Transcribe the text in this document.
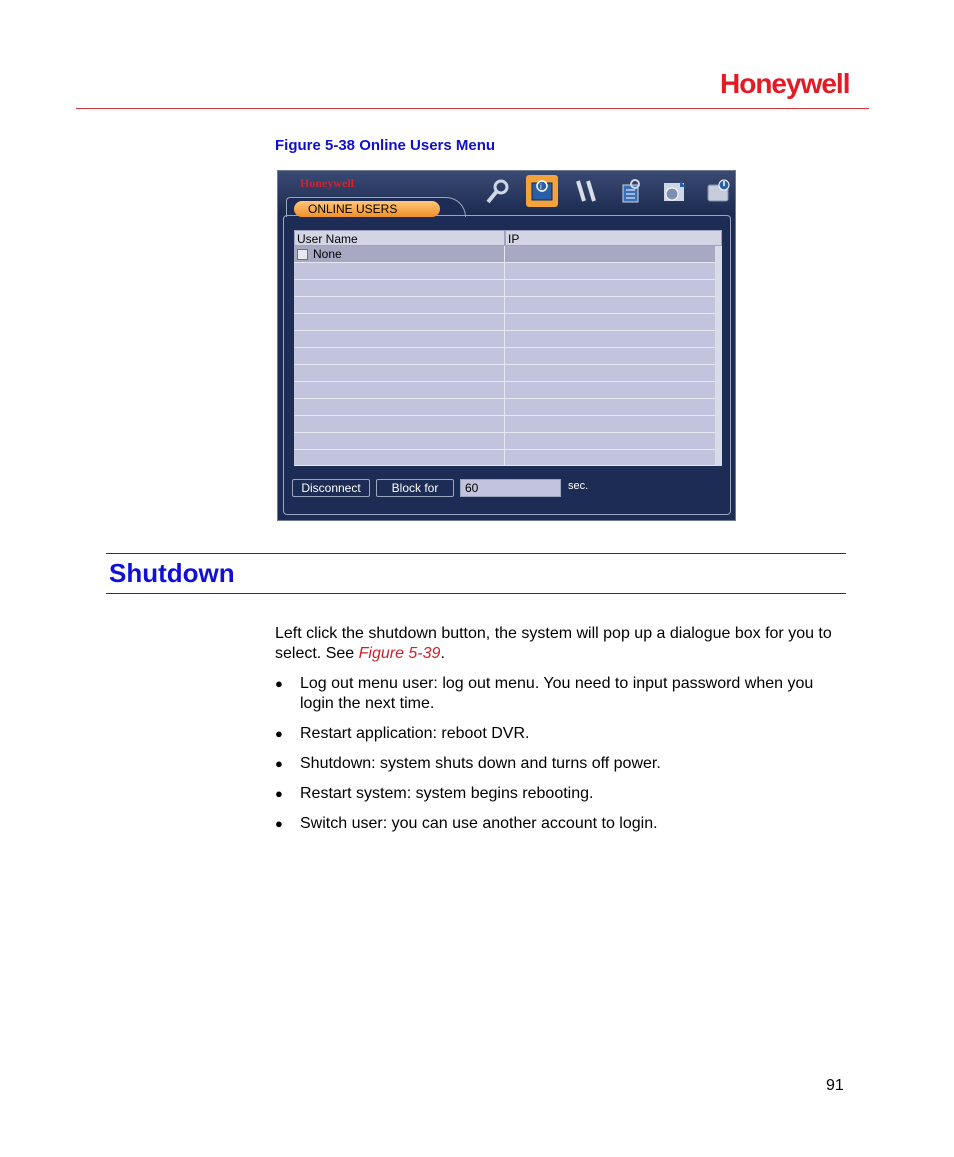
Honeywell
Figure 5-38 Online Users Menu
Honeywell	i
ONLINE USERS
User Name	IP
None
Disconnect	Block for	60	sec.
Shutdown

Left click the shutdown button, the system will pop up a dialogue box for you to select. See Figure 5-39.

● Log out menu user: log out menu. You need to input password when you login the next time.
● Restart application: reboot DVR.
● Shutdown: system shuts down and turns off power.
● Restart system: system begins rebooting.
● Switch user: you can use another account to login.
91
